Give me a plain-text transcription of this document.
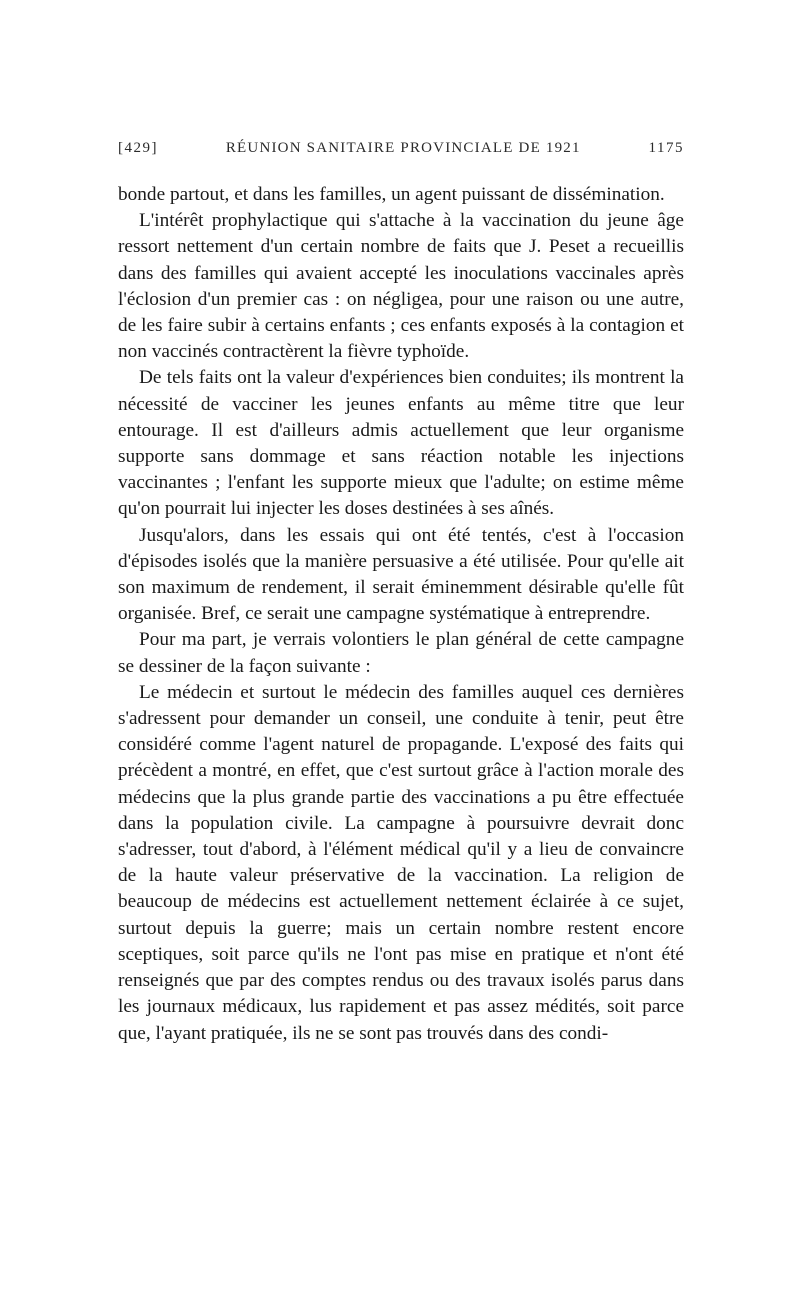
[429]	RÉUNION SANITAIRE PROVINCIALE DE 1921	1175

bonde partout, et dans les familles, un agent puissant de dissémination.

L'intérêt prophylactique qui s'attache à la vaccination du jeune âge ressort nettement d'un certain nombre de faits que J. Peset a recueillis dans des familles qui avaient accepté les inoculations vaccinales après l'éclosion d'un premier cas : on négligea, pour une raison ou une autre, de les faire subir à certains enfants ; ces enfants exposés à la contagion et non vaccinés contractèrent la fièvre typhoïde.

De tels faits ont la valeur d'expériences bien conduites; ils montrent la nécessité de vacciner les jeunes enfants au même titre que leur entourage. Il est d'ailleurs admis actuellement que leur organisme supporte sans dommage et sans réaction notable les injections vaccinantes ; l'enfant les supporte mieux que l'adulte; on estime même qu'on pourrait lui injecter les doses destinées à ses aînés.

Jusqu'alors, dans les essais qui ont été tentés, c'est à l'occasion d'épisodes isolés que la manière persuasive a été utilisée. Pour qu'elle ait son maximum de rendement, il serait éminemment désirable qu'elle fût organisée. Bref, ce serait une campagne systématique à entreprendre.

Pour ma part, je verrais volontiers le plan général de cette campagne se dessiner de la façon suivante :

Le médecin et surtout le médecin des familles auquel ces dernières s'adressent pour demander un conseil, une conduite à tenir, peut être considéré comme l'agent naturel de propagande. L'exposé des faits qui précèdent a montré, en effet, que c'est surtout grâce à l'action morale des médecins que la plus grande partie des vaccinations a pu être effectuée dans la population civile. La campagne à poursuivre devrait donc s'adresser, tout d'abord, à l'élément médical qu'il y a lieu de convaincre de la haute valeur préservative de la vaccination. La religion de beaucoup de médecins est actuellement nettement éclairée à ce sujet, surtout depuis la guerre; mais un certain nombre restent encore sceptiques, soit parce qu'ils ne l'ont pas mise en pratique et n'ont été renseignés que par des comptes rendus ou des travaux isolés parus dans les journaux médicaux, lus rapidement et pas assez médités, soit parce que, l'ayant pratiquée, ils ne se sont pas trouvés dans des condi-
